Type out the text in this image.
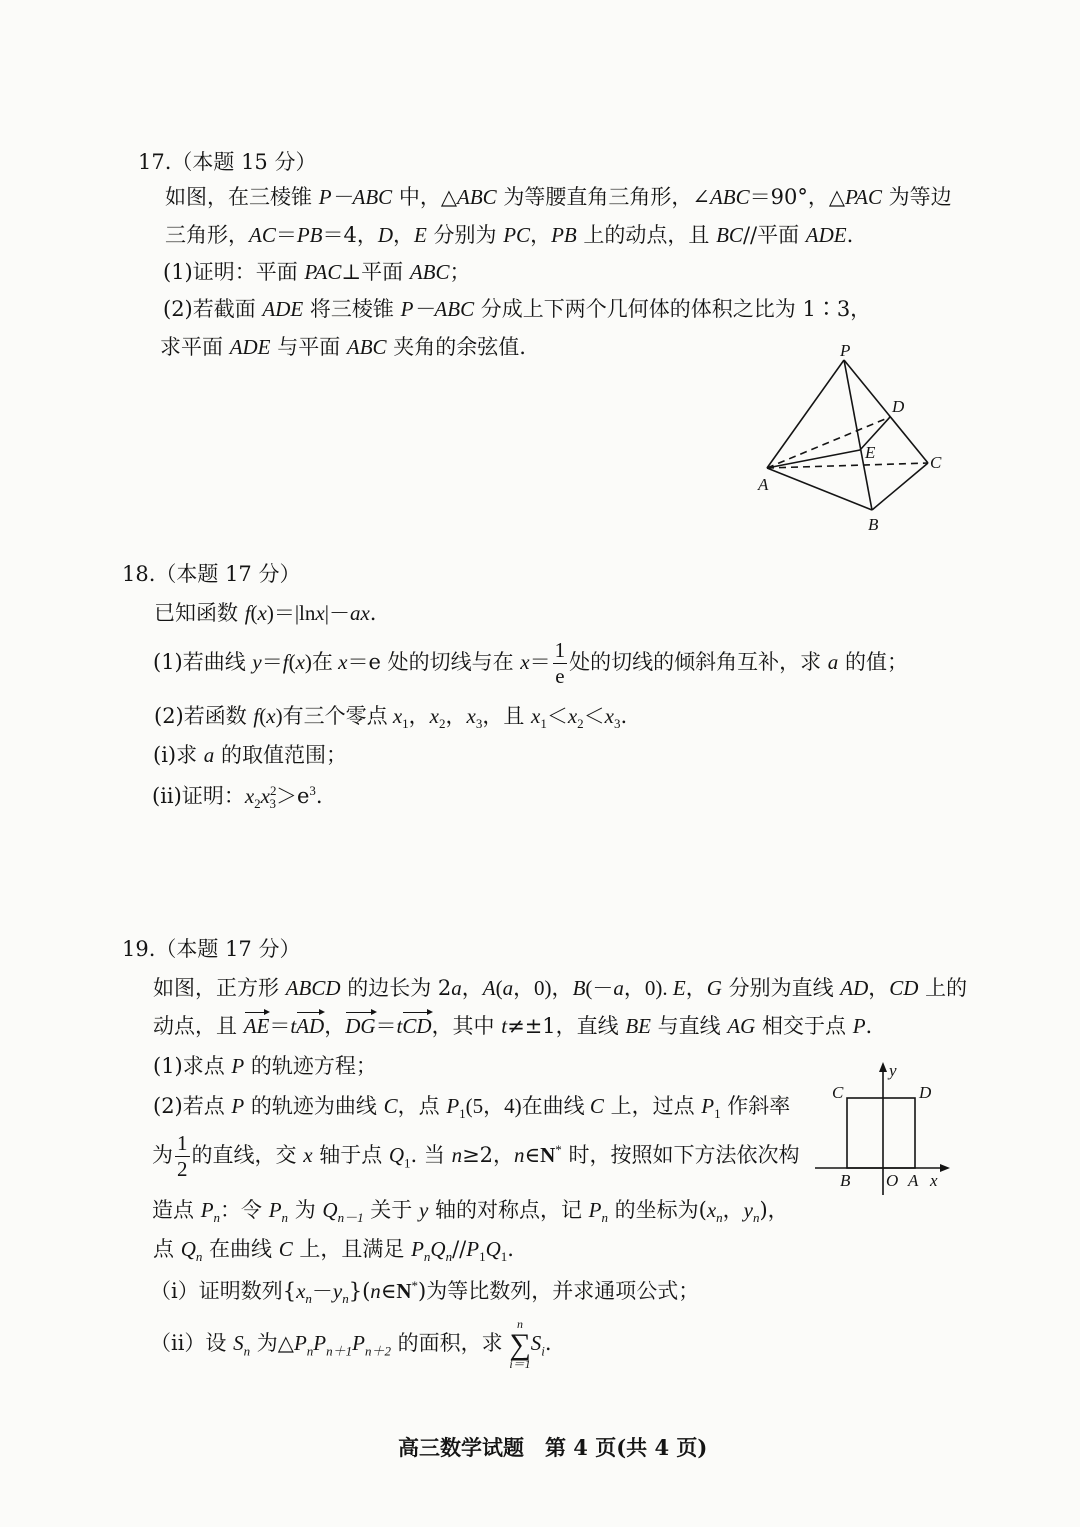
17.（本题 15 分）
如图，在三棱锥 P－ABC 中，△ABC 为等腰直角三角形，∠ABC＝90°，△PAC 为等边
三角形，AC＝PB＝4，D，E 分别为 PC，PB 上的动点，且 BC//平面 ADE.
(1)证明：平面 PAC⊥平面 ABC；
(2)若截面 ADE 将三棱锥 P－ABC 分成上下两个几何体的体积之比为 1∶3，
求平面 ADE 与平面 ABC 夹角的余弦值.	P
D
E
C
A
B
18.（本题 17 分）
已知函数 f(x)＝|lnx|－ax.
(1)若曲线 y＝f(x)在 x＝e 处的切线与在 $x= \frac{1}{e}$ 处的切线的倾斜角互补，求 a 的值；
(2)若函数 f(x)有三个零点 $x_1$，$x_2$，$x_3$，且 $x_1<x_2<x_3$.
(i)求 a 的取值范围；
(ii)证明：$x_2x^2_3>e^3$.
19.（本题 17 分）
如图，正方形 ABCD 的边长为 2a，A(a，0)，B(－a，0). E，G 分别为直线 AD，CD 上的
动点，且 AE＝tAD，DG＝tCD，其中 t≠±1，直线 BE 与直线 AG 相交于点 P.
(1)求点 P 的轨迹方程；
(2)若点 P 的轨迹为曲线 C，点 $P_1(5$，4)在曲线 C 上，过点 $P_1$ 作斜率
为 $\frac{1}{2}$ 的直线，交 x 轴于点 $Q_1$. 当 n≥2，n∈N* 时，按照如下方法依次构
造点 $P_n$：令 $P_n$ 为 $Q_{n-1}$ 关于 y 轴的对称点，记 $P_n$ 的坐标为($x_n$，$y_n$)，
点 $Q_n$ 在曲线 C 上，且满足 $P_nQ_n//P_1Q_1$.
（ⅰ）证明数列$\{x_n-y_n\}(n\in N^*)$为等比数列，并求通项公式；
（ⅱ）设 $S_n$ 为$\triangle P_nP_{n+1}P_{n+2}$ 的面积，求
n
∑
i＝1
$S_i$.
y
C	D
B O A x
高三数学试题　第 4 页(共 4 页)
